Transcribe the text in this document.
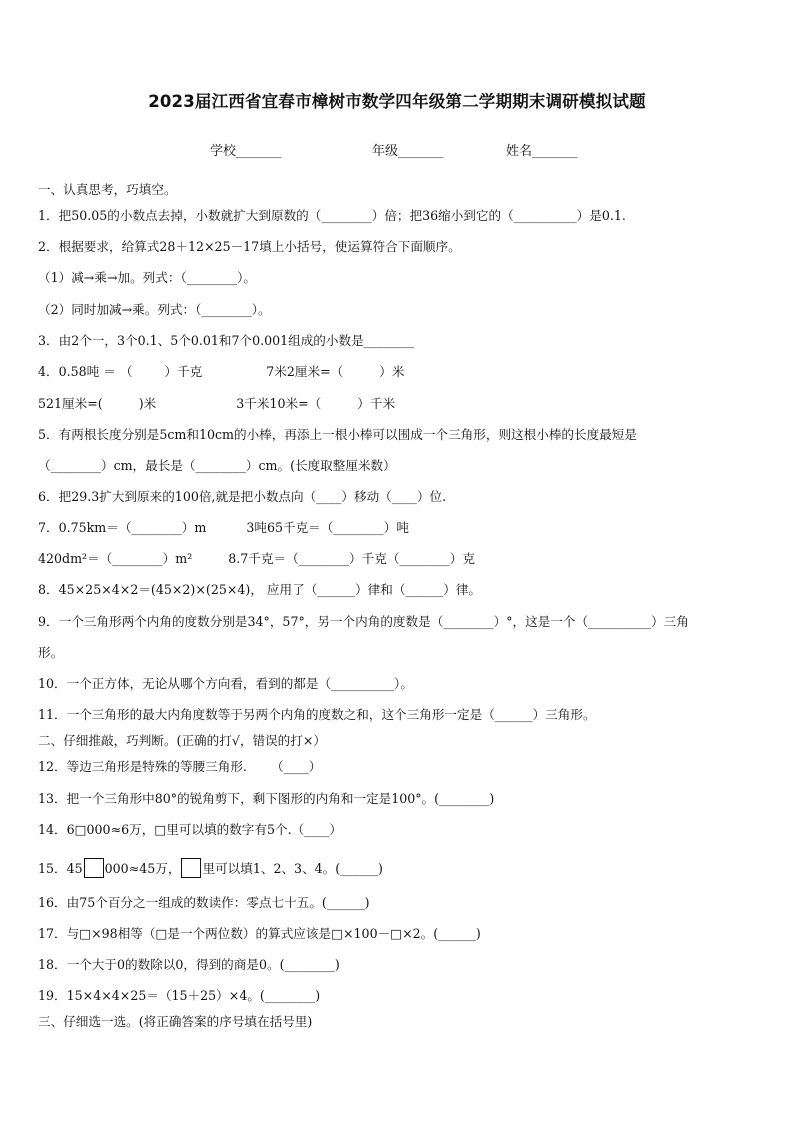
2023届江西省宜春市樟树市数学四年级第二学期期末调研模拟试题
学校_______	年级_______	姓名_______
一、认真思考，巧填空。
1．把50.05的小数点去掉，小数就扩大到原数的（________）倍；把36缩小到它的（__________）是0.1.
2．根据要求，给算式28＋12×25－17填上小括号，使运算符合下面顺序。
（1）减→乘→加。列式：（________）。
（2）同时加减→乘。列式：（________）。
3．由2个一，3个0.1、5个0.01和7个0.001组成的小数是________
4．0.58吨 ＝ （        ）千克                7米2厘米=（         ）米
521厘米=(         )米                    3千米10米=（         ）千米
5．有两根长度分别是5cm和10cm的小棒，再添上一根小棒可以围成一个三角形，则这根小棒的长度最短是
（________）cm，最长是（________）cm。(长度取整厘米数）
6．把29.3扩大到原来的100倍,就是把小数点向（____）移动（____）位.
7．0.75km＝（________）m          3吨65千克＝（________）吨
420dm²＝（________）m²         8.7千克＝（________）千克（________）克
8．45×25×4×2＝(45×2)×(25×4)， 应用了（______）律和（______）律。
9．一个三角形两个内角的度数分别是34°，57°，另一个内角的度数是（________）°，这是一个（__________）三角
形。
10．一个正方体，无论从哪个方向看，看到的都是（__________）。
11．一个三角形的最大内角度数等于另两个内角的度数之和，这个三角形一定是（______）三角形。
二、仔细推敲，巧判断。(正确的打√，错误的打×）
12．等边三角形是特殊的等腰三角形.      （____）
13．把一个三角形中80°的锐角剪下，剩下图形的内角和一定是100°。(________)
14．6□000≈6万，□里可以填的数字有5个.（____）
15．45 000≈45万， 里可以填1、2、3、4。(______)
16．由75个百分之一组成的数读作：零点七十五。(______)
17．与□×98相等（□是一个两位数）的算式应该是□×100－□×2。(______)
18．一个大于0的数除以0，得到的商是0。(________)
19．15×4×4×25＝（15＋25）×4。(________)
三、仔细选一选。(将正确答案的序号填在括号里)
